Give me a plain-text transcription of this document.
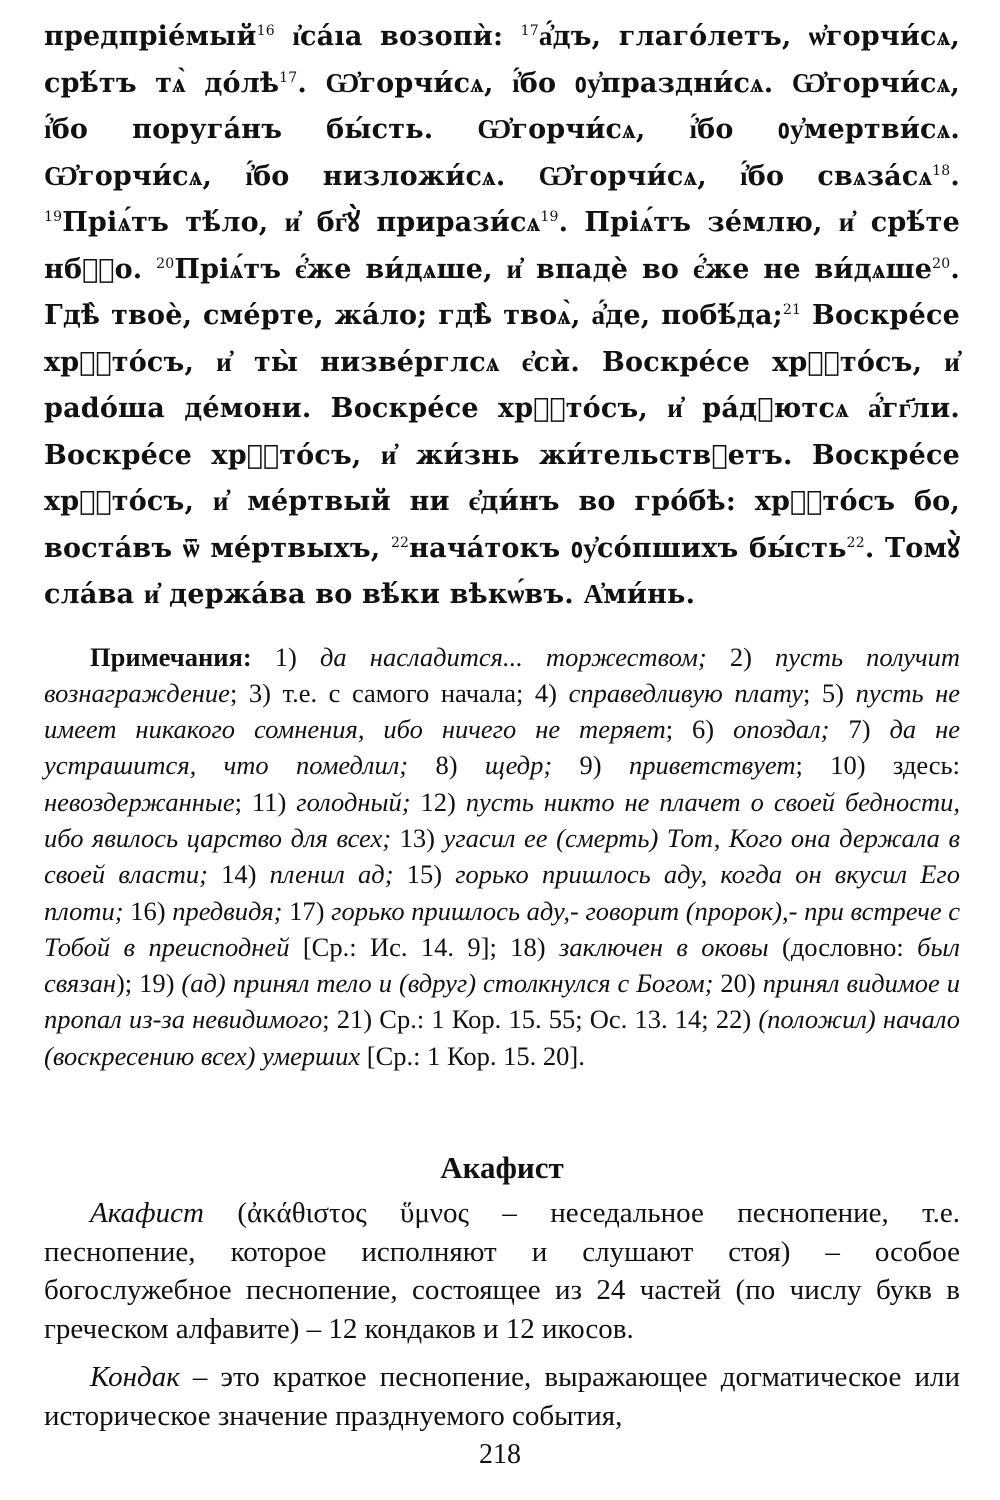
предпріе́мый$^{16}$ ı҆са́ıа возопѝ: $^{17}$а҆́дъ, глаго́летъ, ѡ҆горчи́сѧ, срѣ́тъ тѧ̀ $до́лѣ^{17}$. Ѡ҆горчи́сѧ, ı҆́бо ᲂу҆праздни́сѧ. Ѡ҆горчи́сѧ, ı҆́бо поруга́нъ бы́сть. Ѡ҆горчи́сѧ, ı҆́бо ᲂу҆мертви́сѧ. Ѡ҆горчи́сѧ, ı҆́бо низложи́сѧ. Ѡ҆горчи́сѧ, ı҆́бо $свѧза́сѧ^{18}$. $^{19}$Пріѧ́тъ тѣ́ло, и҆ бг҃ꙋ̀ $прирази́сѧ^{19}$. Пріѧ́тъ зе́млю, и҆ срѣ́те нбⷭ҇о. $^{20}$Пріѧ́тъ є҆́же ви́дѧше, и҆ впадѐ во є҆́же не ви́дѧше$^{20}$. Гдѣ̀ твоѐ, сме́рте, жа́ло; гдѣ̀ твоѧ̀, а҆́де, побѣ́да;$^{21}$ Воскре́се хрⷭ҇то́съ, и҆ ты̀ низве́рглсѧ є҆сѝ. Воскре́се хрⷭ҇то́съ, и҆ padо́ша де́мони. Воскре́се хрⷭ҇то́съ, и҆ ра́дꙋютсѧ а҆́гг҃ли. Воскре́се хрⷭ҇то́съ, и҆ жи́знь жи́тельствꙋетъ. Воскре́се хрⷭ҇то́съ, и҆ ме́ртвый ни є҆ди́нъ во гро́бѣ: хрⷭ҇то́съ бо, воста́въ ѿ ме́ртвыхъ, $^{22}$нача́токъ ᲂу҆со́пшихъ бы́сть$^{22}$. Томꙋ̀ сла́ва и҆ держа́ва во вѣ́ки вѣкѡ́въ. А҆ми́нь.

Примечания: 1) да насладится... торжеством; 2) пусть получит вознаграждение; 3) т.е. с самого начала; 4) справедливую плату; 5) пусть не имеет никакого сомнения, ибо ничего не теряет; 6) опоздал; 7) да не устрашится, что помедлил; 8) щедр; 9) приветствует; 10) здесь: невоздержанные; 11) голодный; 12) пусть никто не плачет о своей бедности, ибо явилось царство для всех; 13) угасил ее (смерть) Тот, Кого она держала в своей власти; 14) пленил ад; 15) горько пришлось аду, когда он вкусил Его плоти; 16) предвидя; 17) горько пришлось аду,- говорит (пророк),- при встрече с Тобой в преисподней [Ср.: Ис. 14. 9]; 18) заключен в оковы (дословно: был связан); 19) (ад) принял тело и (вдруг) столкнулся с Богом; 20) принял видимое и пропал из-за невидимого; 21) Ср.: 1 Кор. 15. 55; Ос. 13. 14; 22) (положил) начало (воскресению всех) умерших [Ср.: 1 Кор. 15. 20].

Акафист

Акафист (ἀκάθιστος ὕμνος – неседальное песнопение, т.е. песнопение, которое исполняют и слушают стоя) – особое богослужебное песнопение, состоящее из 24 частей (по числу букв в греческом алфавите) – 12 кондаков и 12 икосов.

Кондак – это краткое песнопение, выражающее догматическое или историческое значение празднуемого события,

218
